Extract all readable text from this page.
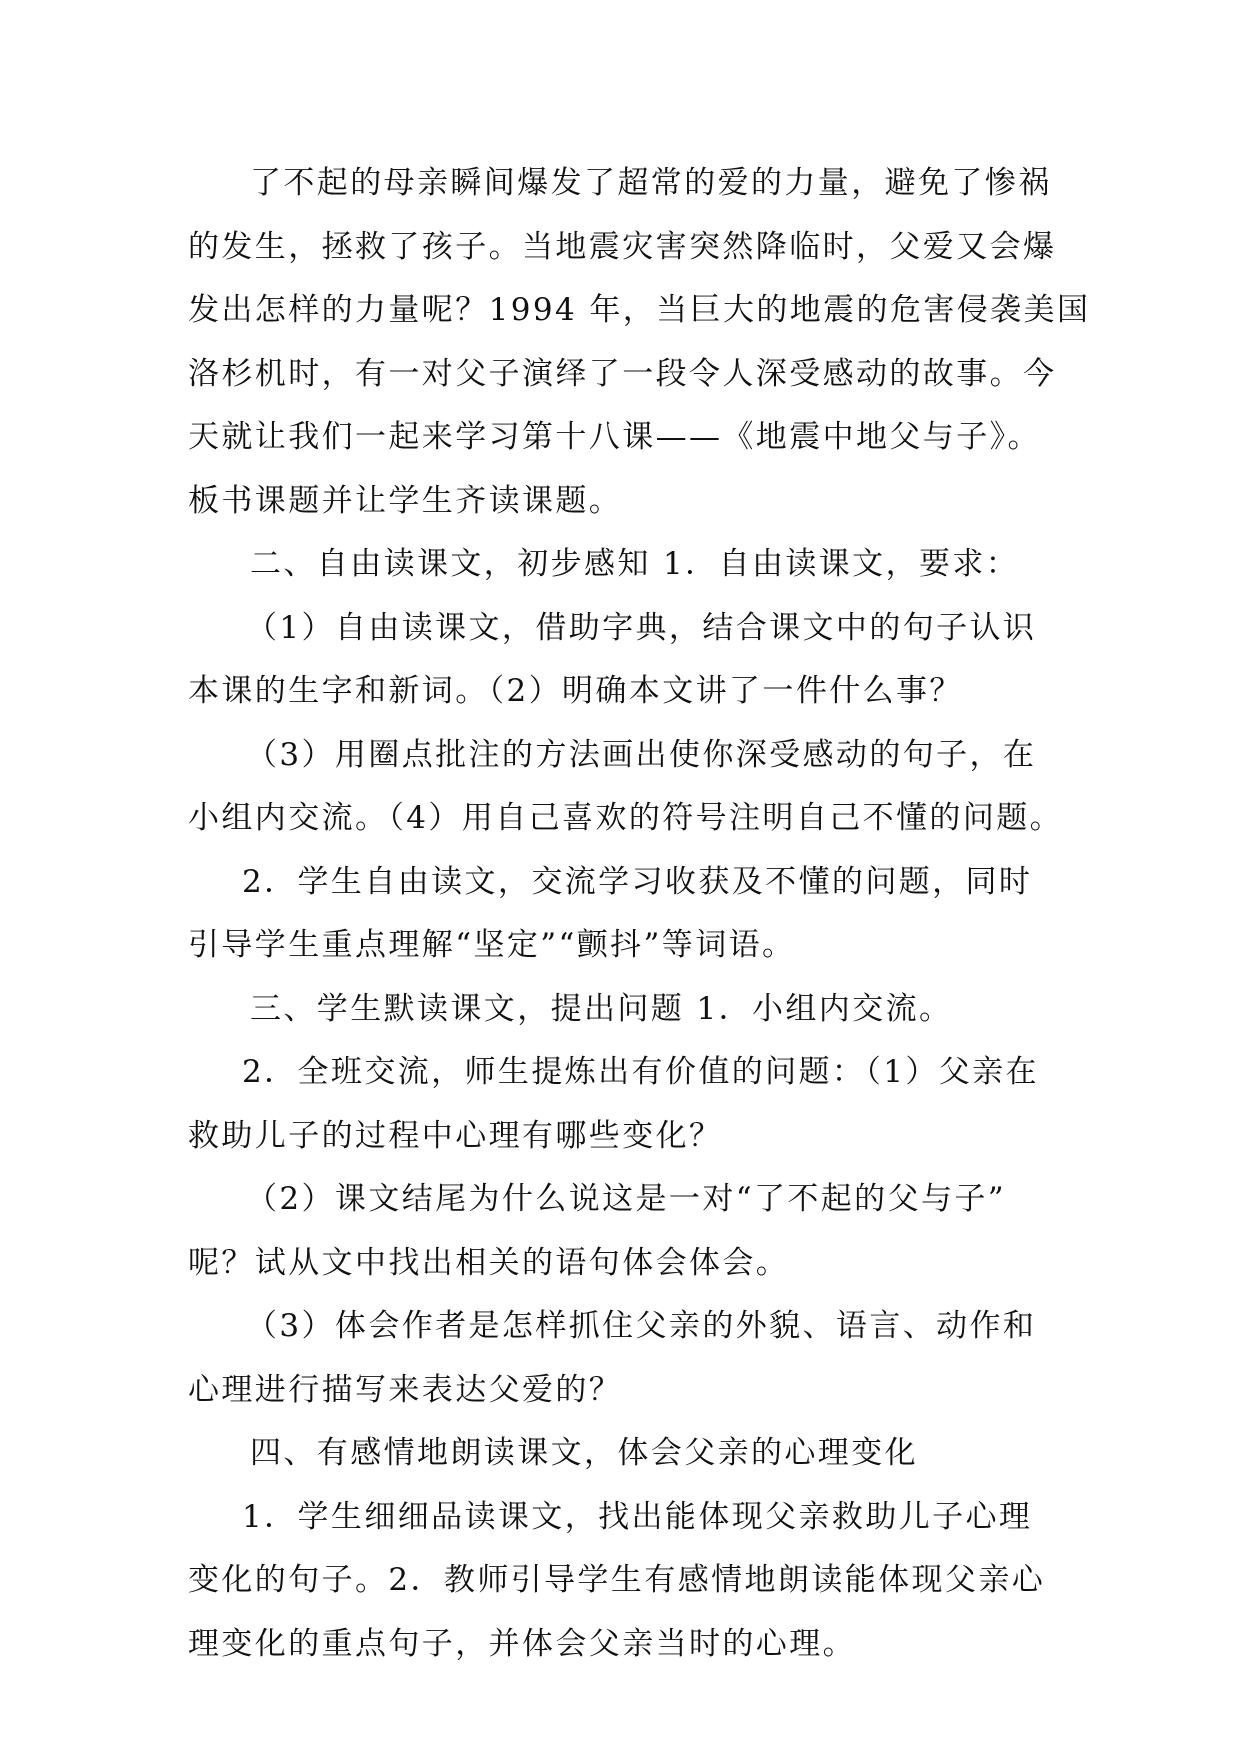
了不起的母亲瞬间爆发了超常的爱的力量，避免了惨祸
的发生，拯救了孩子。当地震灾害突然降临时，父爱又会爆
发出怎样的力量呢？1994 年，当巨大的地震的危害侵袭美国
洛杉机时，有一对父子演绎了一段令人深受感动的故事。今
天就让我们一起来学习第十八课——《地震中地父与子》。
板书课题并让学生齐读课题。
二、自由读课文，初步感知 1．自由读课文，要求：
（1）自由读课文，借助字典，结合课文中的句子认识
本课的生字和新词。（2）明确本文讲了一件什么事？
（3）用圈点批注的方法画出使你深受感动的句子，在
小组内交流。（4）用自己喜欢的符号注明自己不懂的问题。
2．学生自由读文，交流学习收获及不懂的问题，同时
引导学生重点理解“坚定”“颤抖”等词语。
三、学生默读课文，提出问题 1．小组内交流。
2．全班交流，师生提炼出有价值的问题：（1）父亲在
救助儿子的过程中心理有哪些变化？
（2）课文结尾为什么说这是一对“了不起的父与子”
呢？试从文中找出相关的语句体会体会。
（3）体会作者是怎样抓住父亲的外貌、语言、动作和
心理进行描写来表达父爱的？
四、有感情地朗读课文，体会父亲的心理变化
1．学生细细品读课文，找出能体现父亲救助儿子心理
变化的句子。2．教师引导学生有感情地朗读能体现父亲心
理变化的重点句子，并体会父亲当时的心理。
